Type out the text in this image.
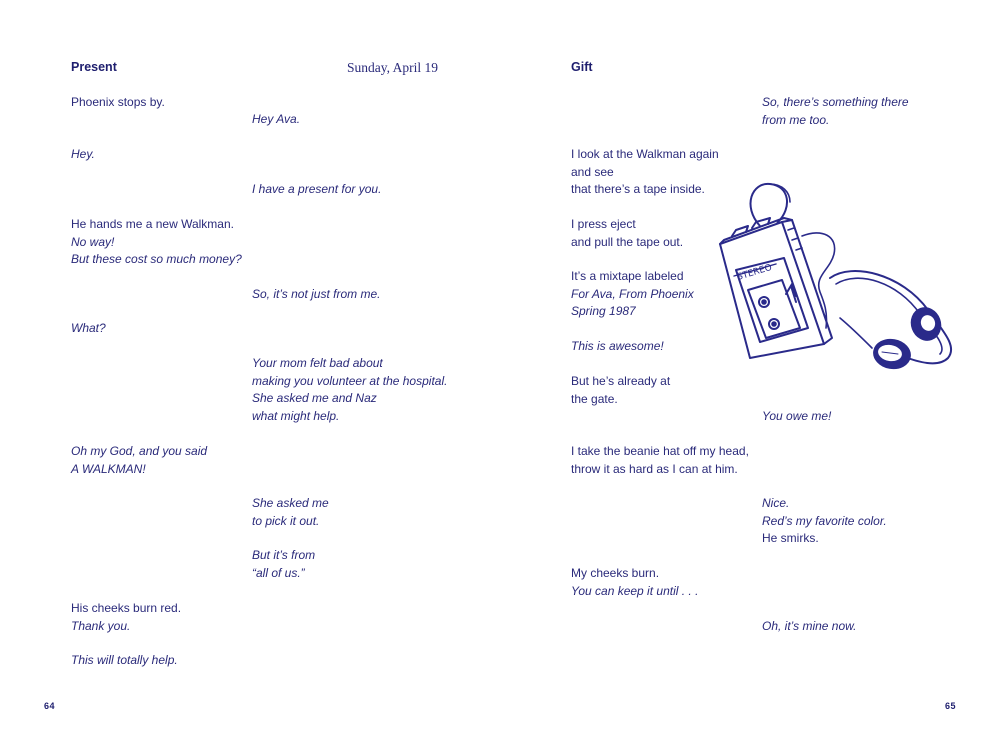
Present	Sunday, April 19
Phoenix stops by.
Hey Ava.
Hey.
I have a present for you.
He hands me a new Walkman.
No way!
But these cost so much money?
So, it’s not just from me.
What?
Your mom felt bad about
making you volunteer at the hospital.
She asked me and Naz
what might help.
Oh my God, and you said
A WALKMAN!
She asked me
to pick it out.
But it’s from
“all of us.”
His cheeks burn red.
Thank you.
This will totally help.
64
Gift
So, there’s something there
from me too.
I look at the Walkman again
and see
that there’s a tape inside.
I press eject
and pull the tape out.
It’s a mixtape labeled
For Ava, From Phoenix
Spring 1987
This is awesome!
But he’s already at
the gate.
You owe me!
I take the beanie hat off my head,
throw it as hard as I can at him.
Nice.
Red’s my favorite color.
He smirks.
My cheeks burn.
You can keep it until . . .
Oh, it’s mine now.
STEREO
65
